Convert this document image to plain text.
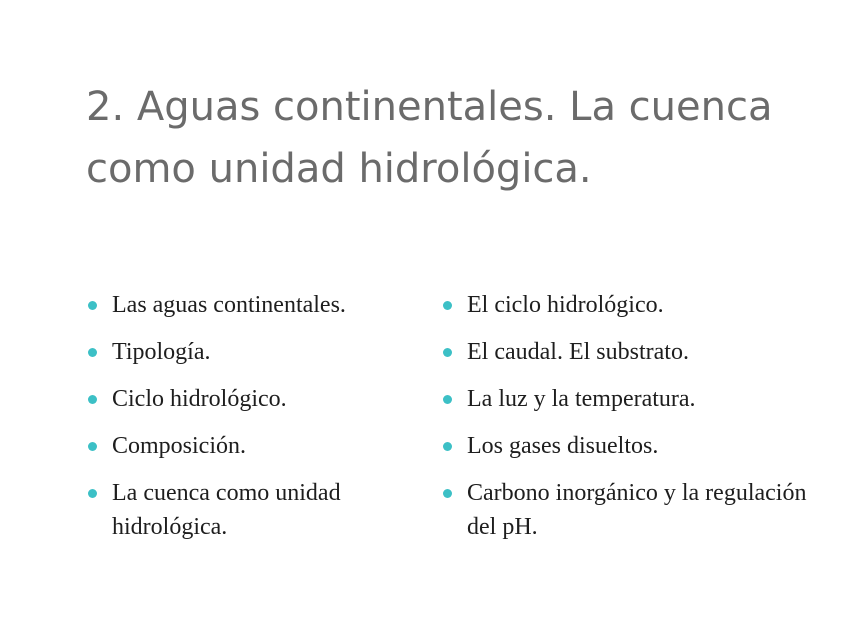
2. Aguas continentales. La cuenca como unidad hidrológica.
Las aguas continentales.
Tipología.
Ciclo hidrológico.
Composición.
La cuenca como unidad hidrológica.
El ciclo hidrológico.
El caudal. El substrato.
La luz y la temperatura.
Los gases disueltos.
Carbono inorgánico y la regulación del pH.
